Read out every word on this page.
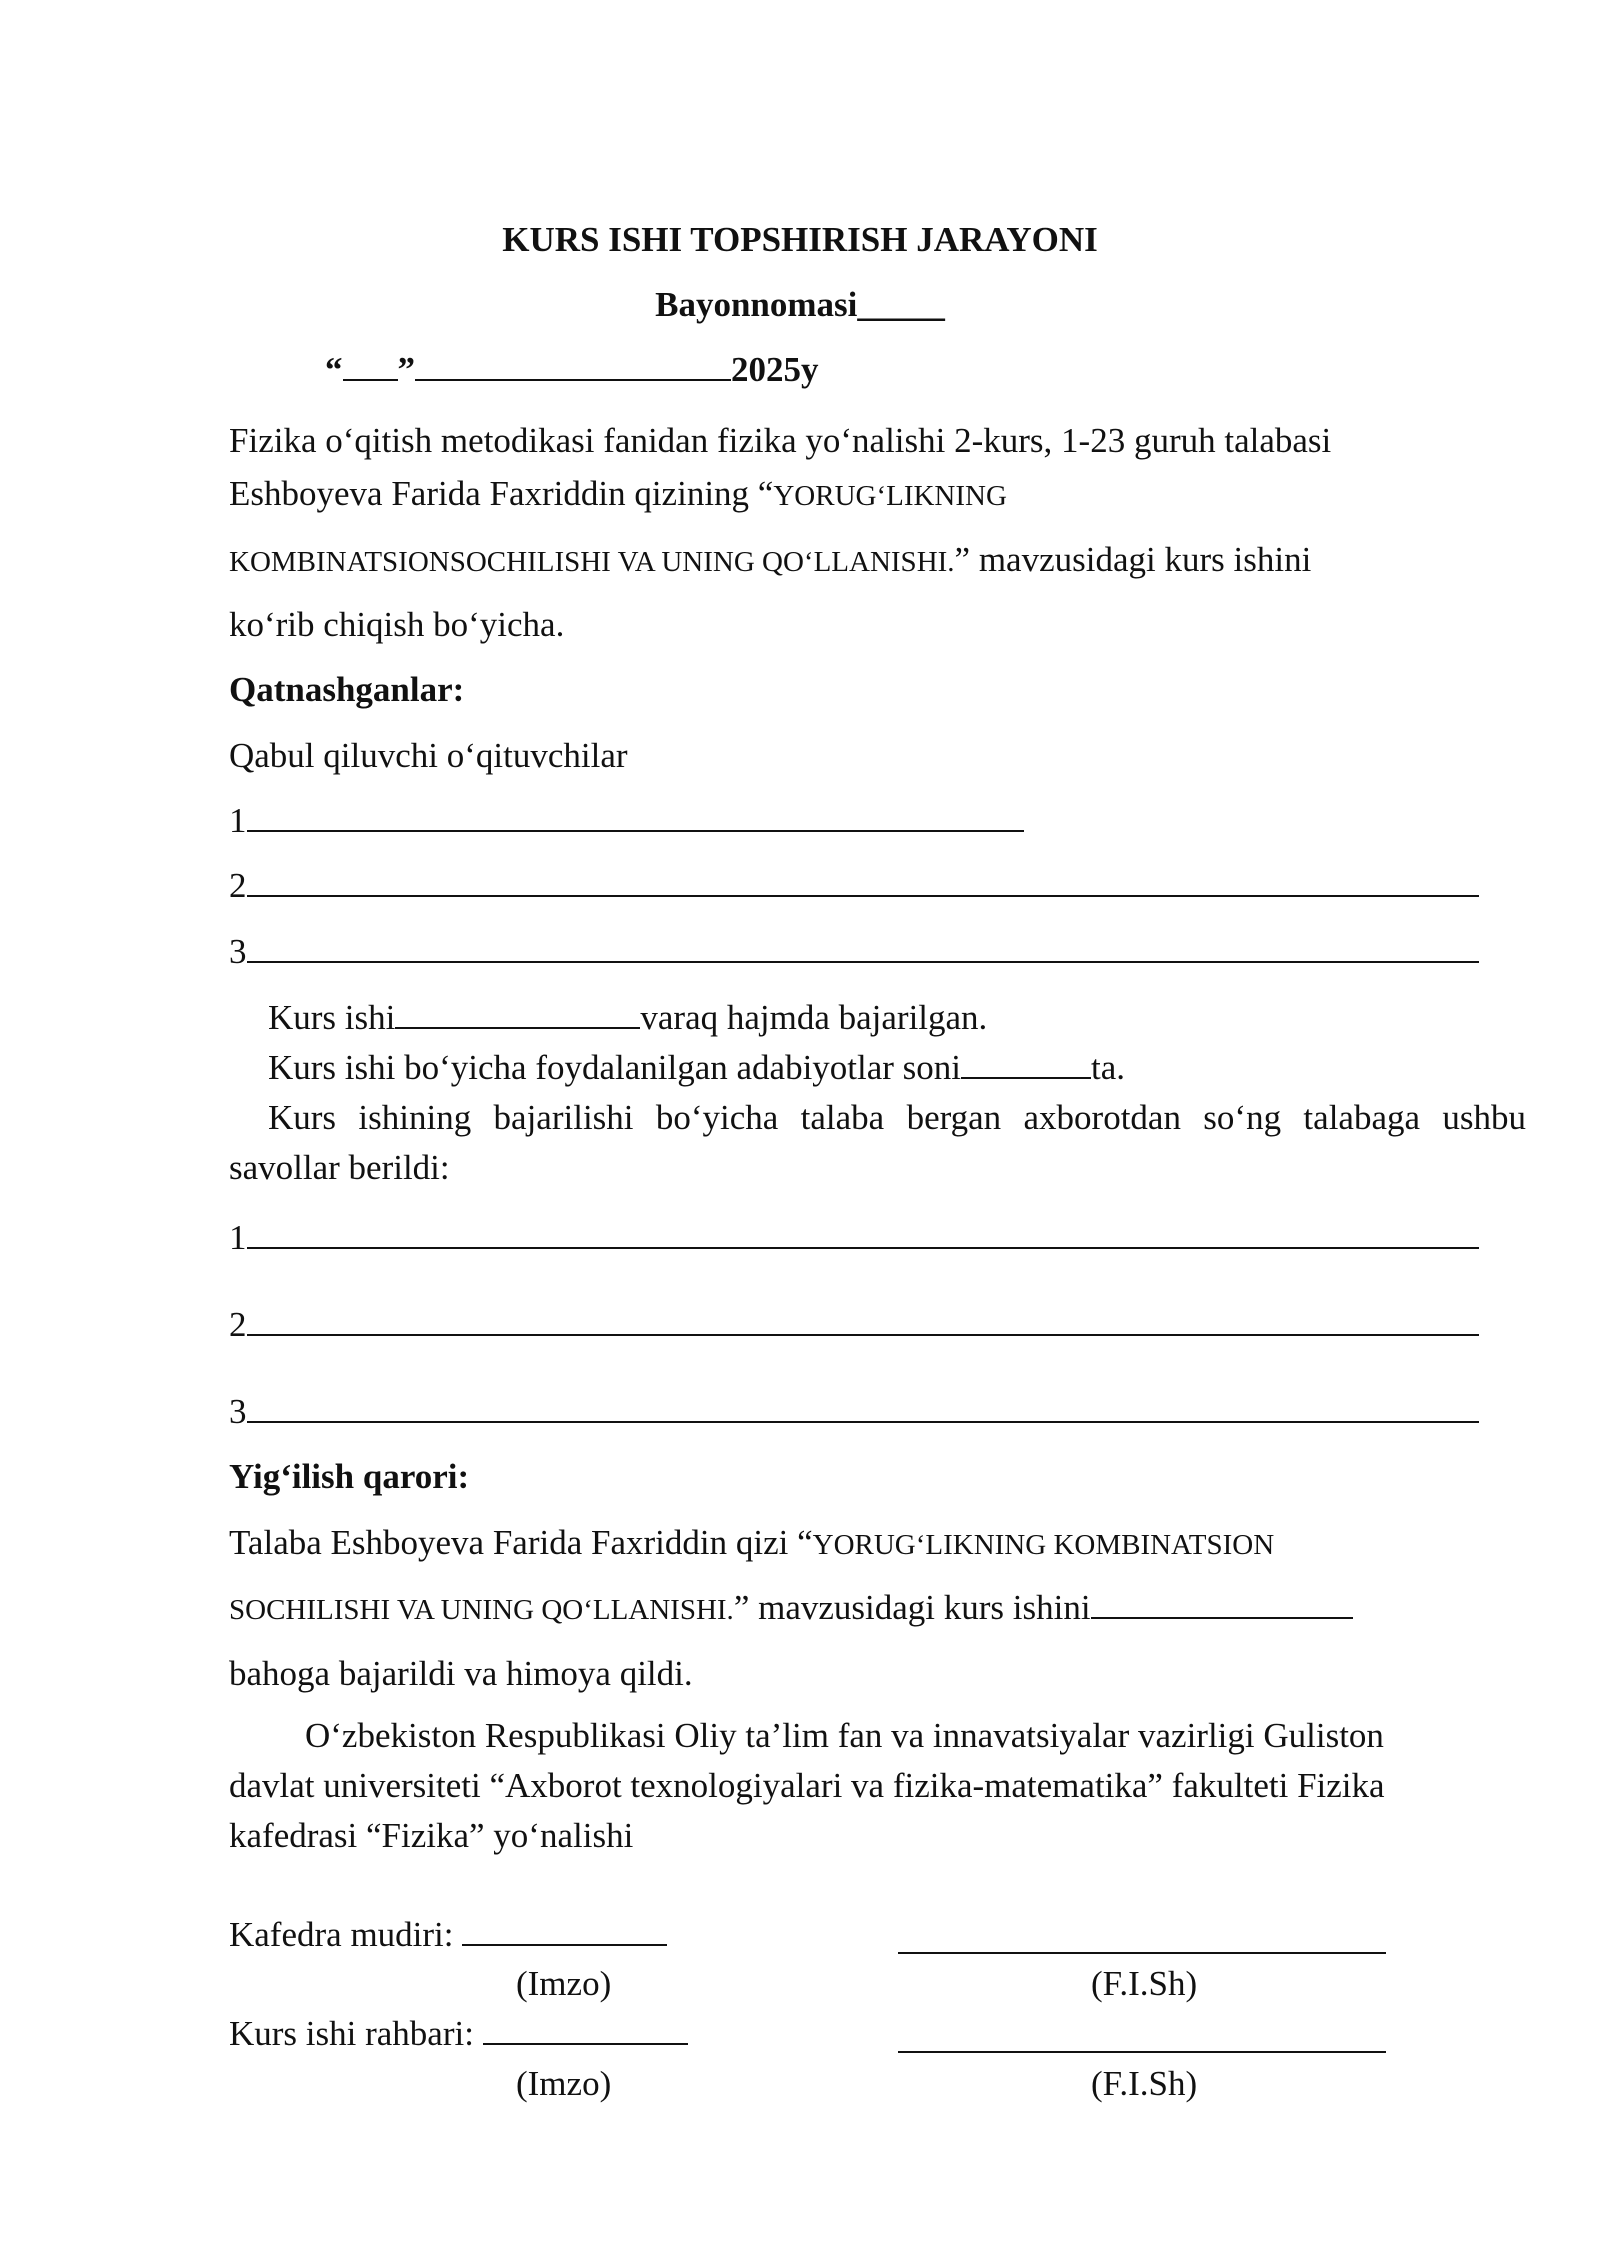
KURS ISHI TOPSHIRISH JARAYONI
Bayonnomasi_____
“ ”	2025y
Fizika o‘qitish metodikasi fanidan fizika yo‘nalishi 2-kurs, 1-23 guruh talabasi
Eshboyeva Farida Faxriddin qizining “YORUG‘LIKNING
KOMBINATSIONSOCHILISHI VA UNING QO‘LLANISHI.” mavzusidagi kurs ishini
ko‘rib chiqish bo‘yicha.
Qatnashganlar:
Qabul qiluvchi o‘qituvchilar
1
2
3
Kurs ishi	varaq hajmda bajarilgan.
Kurs ishi bo‘yicha foydalanilgan adabiyotlar soni	ta.
Kurs ishining bajarilishi bo‘yicha talaba bergan axborotdan so‘ng talabaga ushbu
savollar berildi:
1
2
3
Yig‘ilish qarori:
Talaba Eshboyeva Farida Faxriddin qizi “YORUG‘LIKNING KOMBINATSION
SOCHILISHI VA UNING QO‘LLANISHI.” mavzusidagi kurs ishini
bahoga bajarildi va himoya qildi.
O‘zbekiston Respublikasi Oliy ta’lim fan va innavatsiyalar vazirligi Guliston
davlat universiteti “Axborot texnologiyalari va fizika-matematika” fakulteti Fizika
kafedrasi “Fizika” yo‘nalishi
Kafedra mudiri:
(Imzo)	(F.I.Sh)
Kurs ishi rahbari:
(Imzo)	(F.I.Sh)
